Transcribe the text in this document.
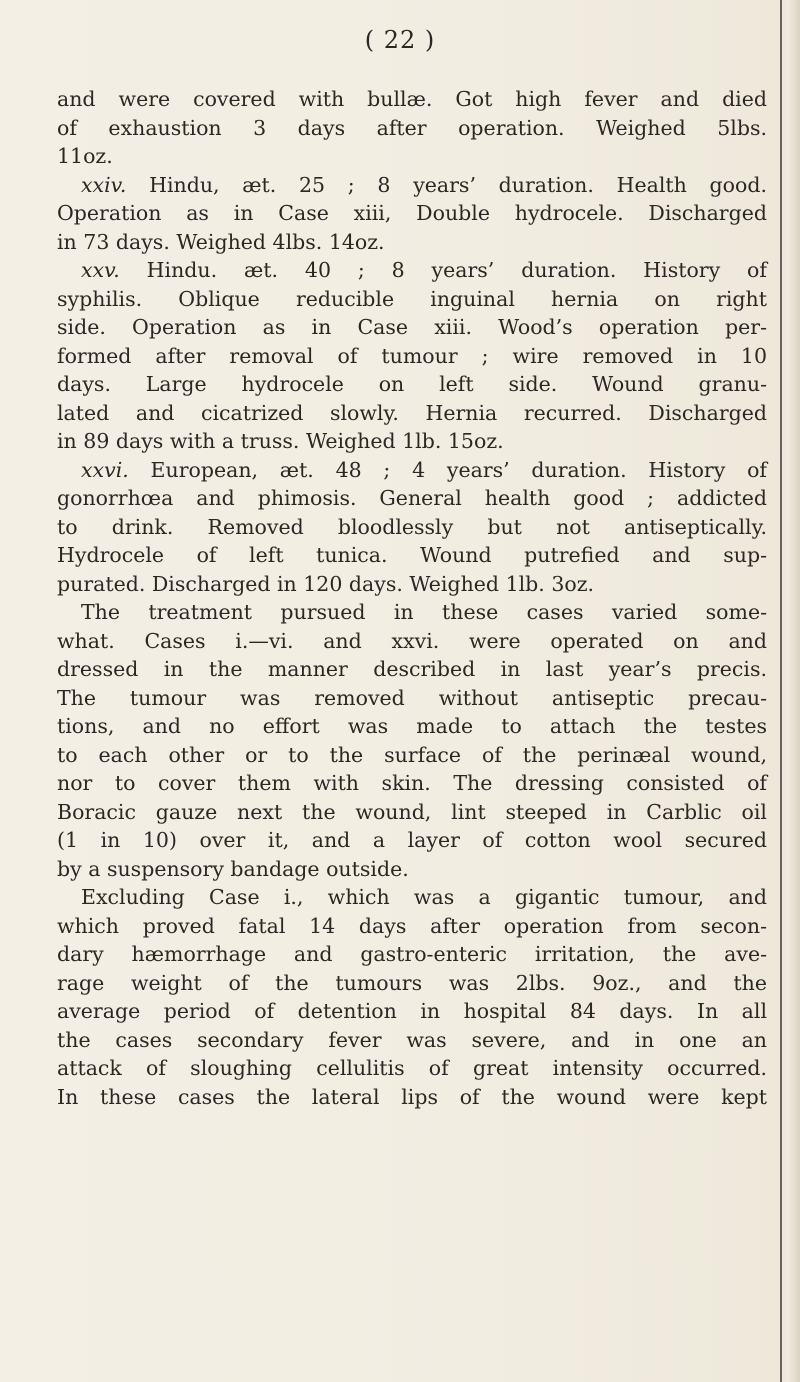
( 22 )
and were covered with bullæ. Got high fever and died
of exhaustion 3 days after operation. Weighed 5lbs.
11oz.
xxiv. Hindu, æt. 25 ; 8 years’ duration. Health good.
Operation as in Case xiii, Double hydrocele. Discharged
in 73 days. Weighed 4lbs. 14oz.
xxv. Hindu. æt. 40 ; 8 years’ duration. History of
syphilis. Oblique reducible inguinal hernia on right
side. Operation as in Case xiii. Wood’s operation per-
formed after removal of tumour ; wire removed in 10
days. Large hydrocele on left side. Wound granu-
lated and cicatrized slowly. Hernia recurred. Discharged
in 89 days with a truss. Weighed 1lb. 15oz.
xxvi. European, æt. 48 ; 4 years’ duration. History of
gonorrhœa and phimosis. General health good ; addicted
to drink. Removed bloodlessly but not antiseptically.
Hydrocele of left tunica. Wound putrefied and sup-
purated. Discharged in 120 days. Weighed 1lb. 3oz.
The treatment pursued in these cases varied some-
what. Cases i.—vi. and xxvi. were operated on and
dressed in the manner described in last year’s precis.
The tumour was removed without antiseptic precau-
tions, and no effort was made to attach the testes
to each other or to the surface of the perinæal wound,
nor to cover them with skin. The dressing consisted of
Boracic gauze next the wound, lint steeped in Carblic oil
(1 in 10) over it, and a layer of cotton wool secured
by a suspensory bandage outside.
Excluding Case i., which was a gigantic tumour, and
which proved fatal 14 days after operation from secon-
dary hæmorrhage and gastro-enteric irritation, the ave-
rage weight of the tumours was 2lbs. 9oz., and the
average period of detention in hospital 84 days. In all
the cases secondary fever was severe, and in one an
attack of sloughing cellulitis of great intensity occurred.
In these cases the lateral lips of the wound were kept
